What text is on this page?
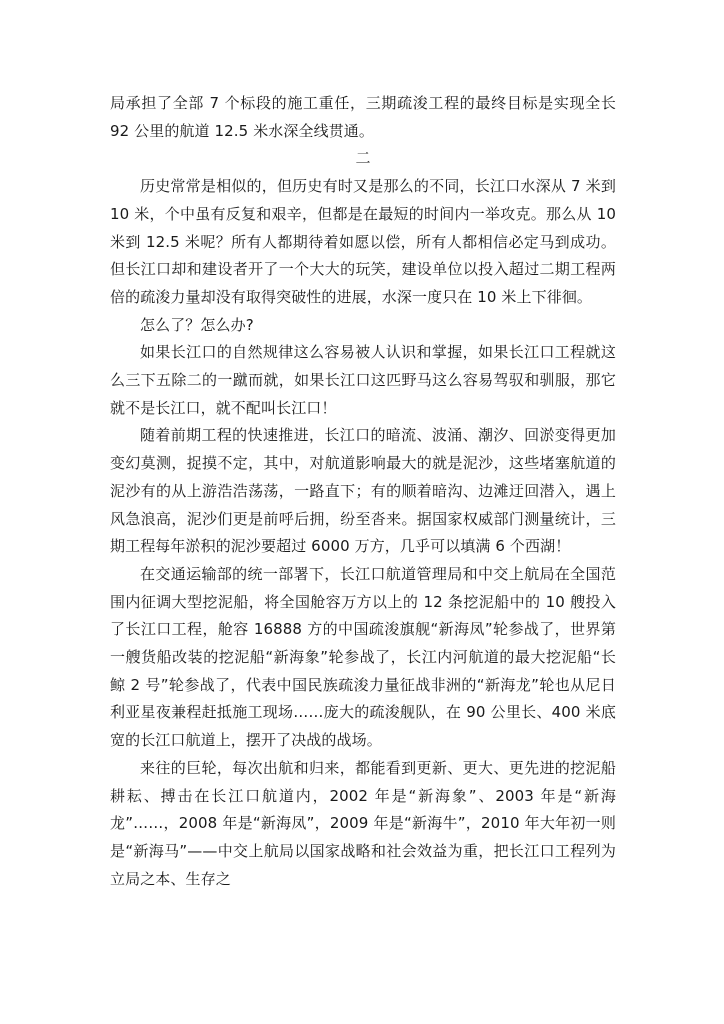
局承担了全部 7 个标段的施工重任，三期疏浚工程的最终目标是实现全长 92 公里的航道 12.5 米水深全线贯通。

二

历史常常是相似的，但历史有时又是那么的不同，长江口水深从 7 米到 10 米，个中虽有反复和艰辛，但都是在最短的时间内一举攻克。那么从 10 米到 12.5 米呢？所有人都期待着如愿以偿，所有人都相信必定马到成功。但长江口却和建设者开了一个大大的玩笑，建设单位以投入超过二期工程两倍的疏浚力量却没有取得突破性的进展，水深一度只在 10 米上下徘徊。

怎么了？怎么办?

如果长江口的自然规律这么容易被人认识和掌握，如果长江口工程就这么三下五除二的一蹴而就，如果长江口这匹野马这么容易驾驭和驯服，那它就不是长江口，就不配叫长江口！

随着前期工程的快速推进，长江口的暗流、波涌、潮汐、回淤变得更加变幻莫测，捉摸不定，其中，对航道影响最大的就是泥沙，这些堵塞航道的泥沙有的从上游浩浩荡荡，一路直下；有的顺着暗沟、边滩迂回潜入，遇上风急浪高，泥沙们更是前呼后拥，纷至沓来。据国家权威部门测量统计，三期工程每年淤积的泥沙要超过 6000 万方，几乎可以填满 6 个西湖！

在交通运输部的统一部署下，长江口航道管理局和中交上航局在全国范围内征调大型挖泥船，将全国舱容万方以上的 12 条挖泥船中的 10 艘投入了长江口工程，舱容 16888 方的中国疏浚旗舰“新海凤”轮参战了，世界第一艘货船改装的挖泥船“新海象”轮参战了，长江内河航道的最大挖泥船“长鲸 2 号”轮参战了，代表中国民族疏浚力量征战非洲的“新海龙”轮也从尼日利亚星夜兼程赶抵施工现场……庞大的疏浚舰队，在 90 公里长、400 米底宽的长江口航道上，摆开了决战的战场。

来往的巨轮，每次出航和归来，都能看到更新、更大、更先进的挖泥船耕耘、搏击在长江口航道内，2002 年是“新海象”、2003 年是“新海龙”……，2008 年是“新海凤”，2009 年是“新海牛”，2010 年大年初一则是“新海马”——中交上航局以国家战略和社会效益为重，把长江口工程列为立局之本、生存之
